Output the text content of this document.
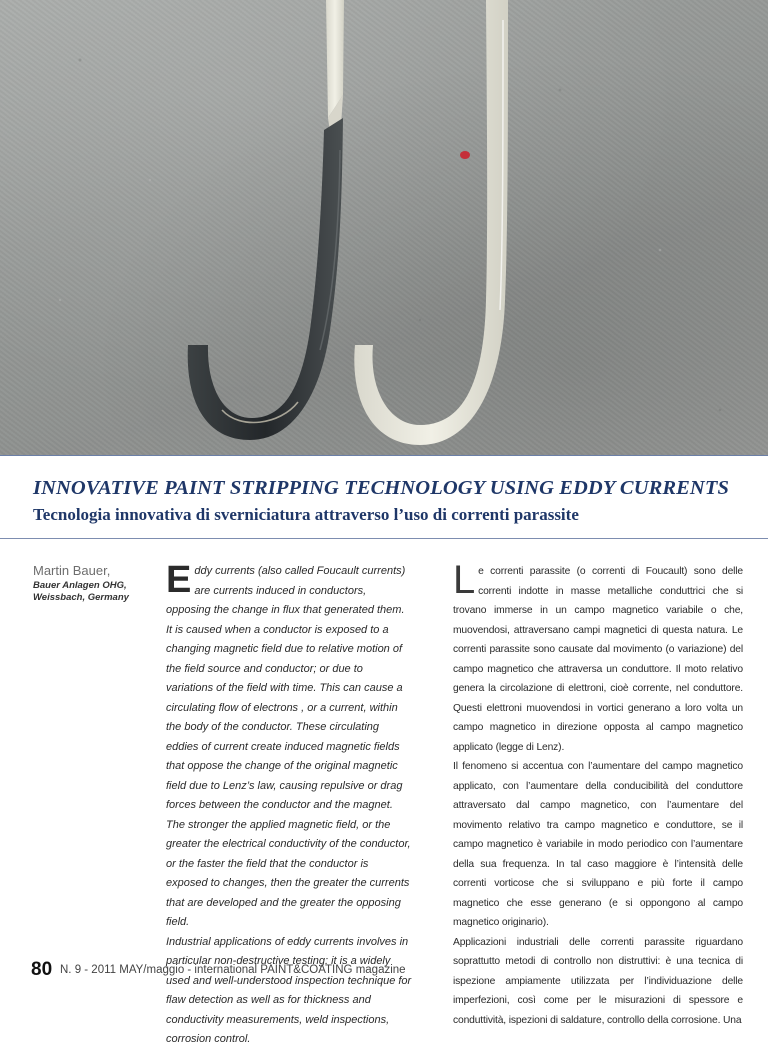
INNOVATIVE PAINT STRIPPING TECHNOLOGY USING EDDY CURRENTS
Tecnologia innovativa di sverniciatura attraverso l’uso di correnti parassite
Martin Bauer,
Bauer Anlagen OHG, Weissbach, Germany E ddy currents (also called Foucault currents) are currents induced in conductors, opposing the change in flux that generated them. It is caused when a conductor is exposed to a changing magnetic field due to relative motion of the field source and conductor; or due to variations of the field with time. This can cause a circulating flow of electrons , or a current, within the body of the conductor. These circulating eddies of current create induced magnetic fields that oppose the change of the original magnetic field due to Lenz’s law, causing repulsive or drag forces between the conductor and the magnet. The stronger the applied magnetic field, or the greater the electrical conductivity of the conductor, or the faster the field that the conductor is exposed to changes, then the greater the currents that are developed and the greater the opposing field.
Industrial applications of eddy currents involves in particular non-destructive testing: it is a widely used and well-understood inspection technique for flaw detection as well as for thickness and conductivity measurements, weld inspections, corrosion control.
L e correnti parassite (o correnti di Foucault) sono delle correnti indotte in masse metalliche conduttrici che si trovano immerse in un campo magnetico variabile o che, muovendosi, attraversano campi magnetici di questa natura. Le correnti parassite sono causate dal movimento (o variazione) del campo magnetico che attraversa un conduttore. Il moto relativo genera la circolazione di elettroni, cioè corrente, nel conduttore. Questi elettroni muovendosi in vortici generano a loro volta un campo magnetico in direzione opposta al campo magnetico applicato (legge di Lenz).
Il fenomeno si accentua con l’aumentare del campo magnetico applicato, con l’aumentare della conducibilità del conduttore attraversato dal campo magnetico, con l’aumentare del movimento relativo tra campo magnetico e conduttore, se il campo magnetico è variabile in modo periodico con l’aumentare della sua frequenza. In tal caso maggiore è l’intensità delle correnti vorticose che si sviluppano e più forte il campo magnetico che esse generano (e si oppongono al campo magnetico originario).
Applicazioni industriali delle correnti parassite riguardano soprattutto metodi di controllo non distruttivi: è una tecnica di ispezione ampiamente utilizzata per l’individuazione delle imperfezioni, così come per le misurazioni di spessore e conduttività, ispezioni di saldature, controllo della corrosione. Una
80 N. 9 - 2011 MAY/maggio - international PAINT&COATING magazine
